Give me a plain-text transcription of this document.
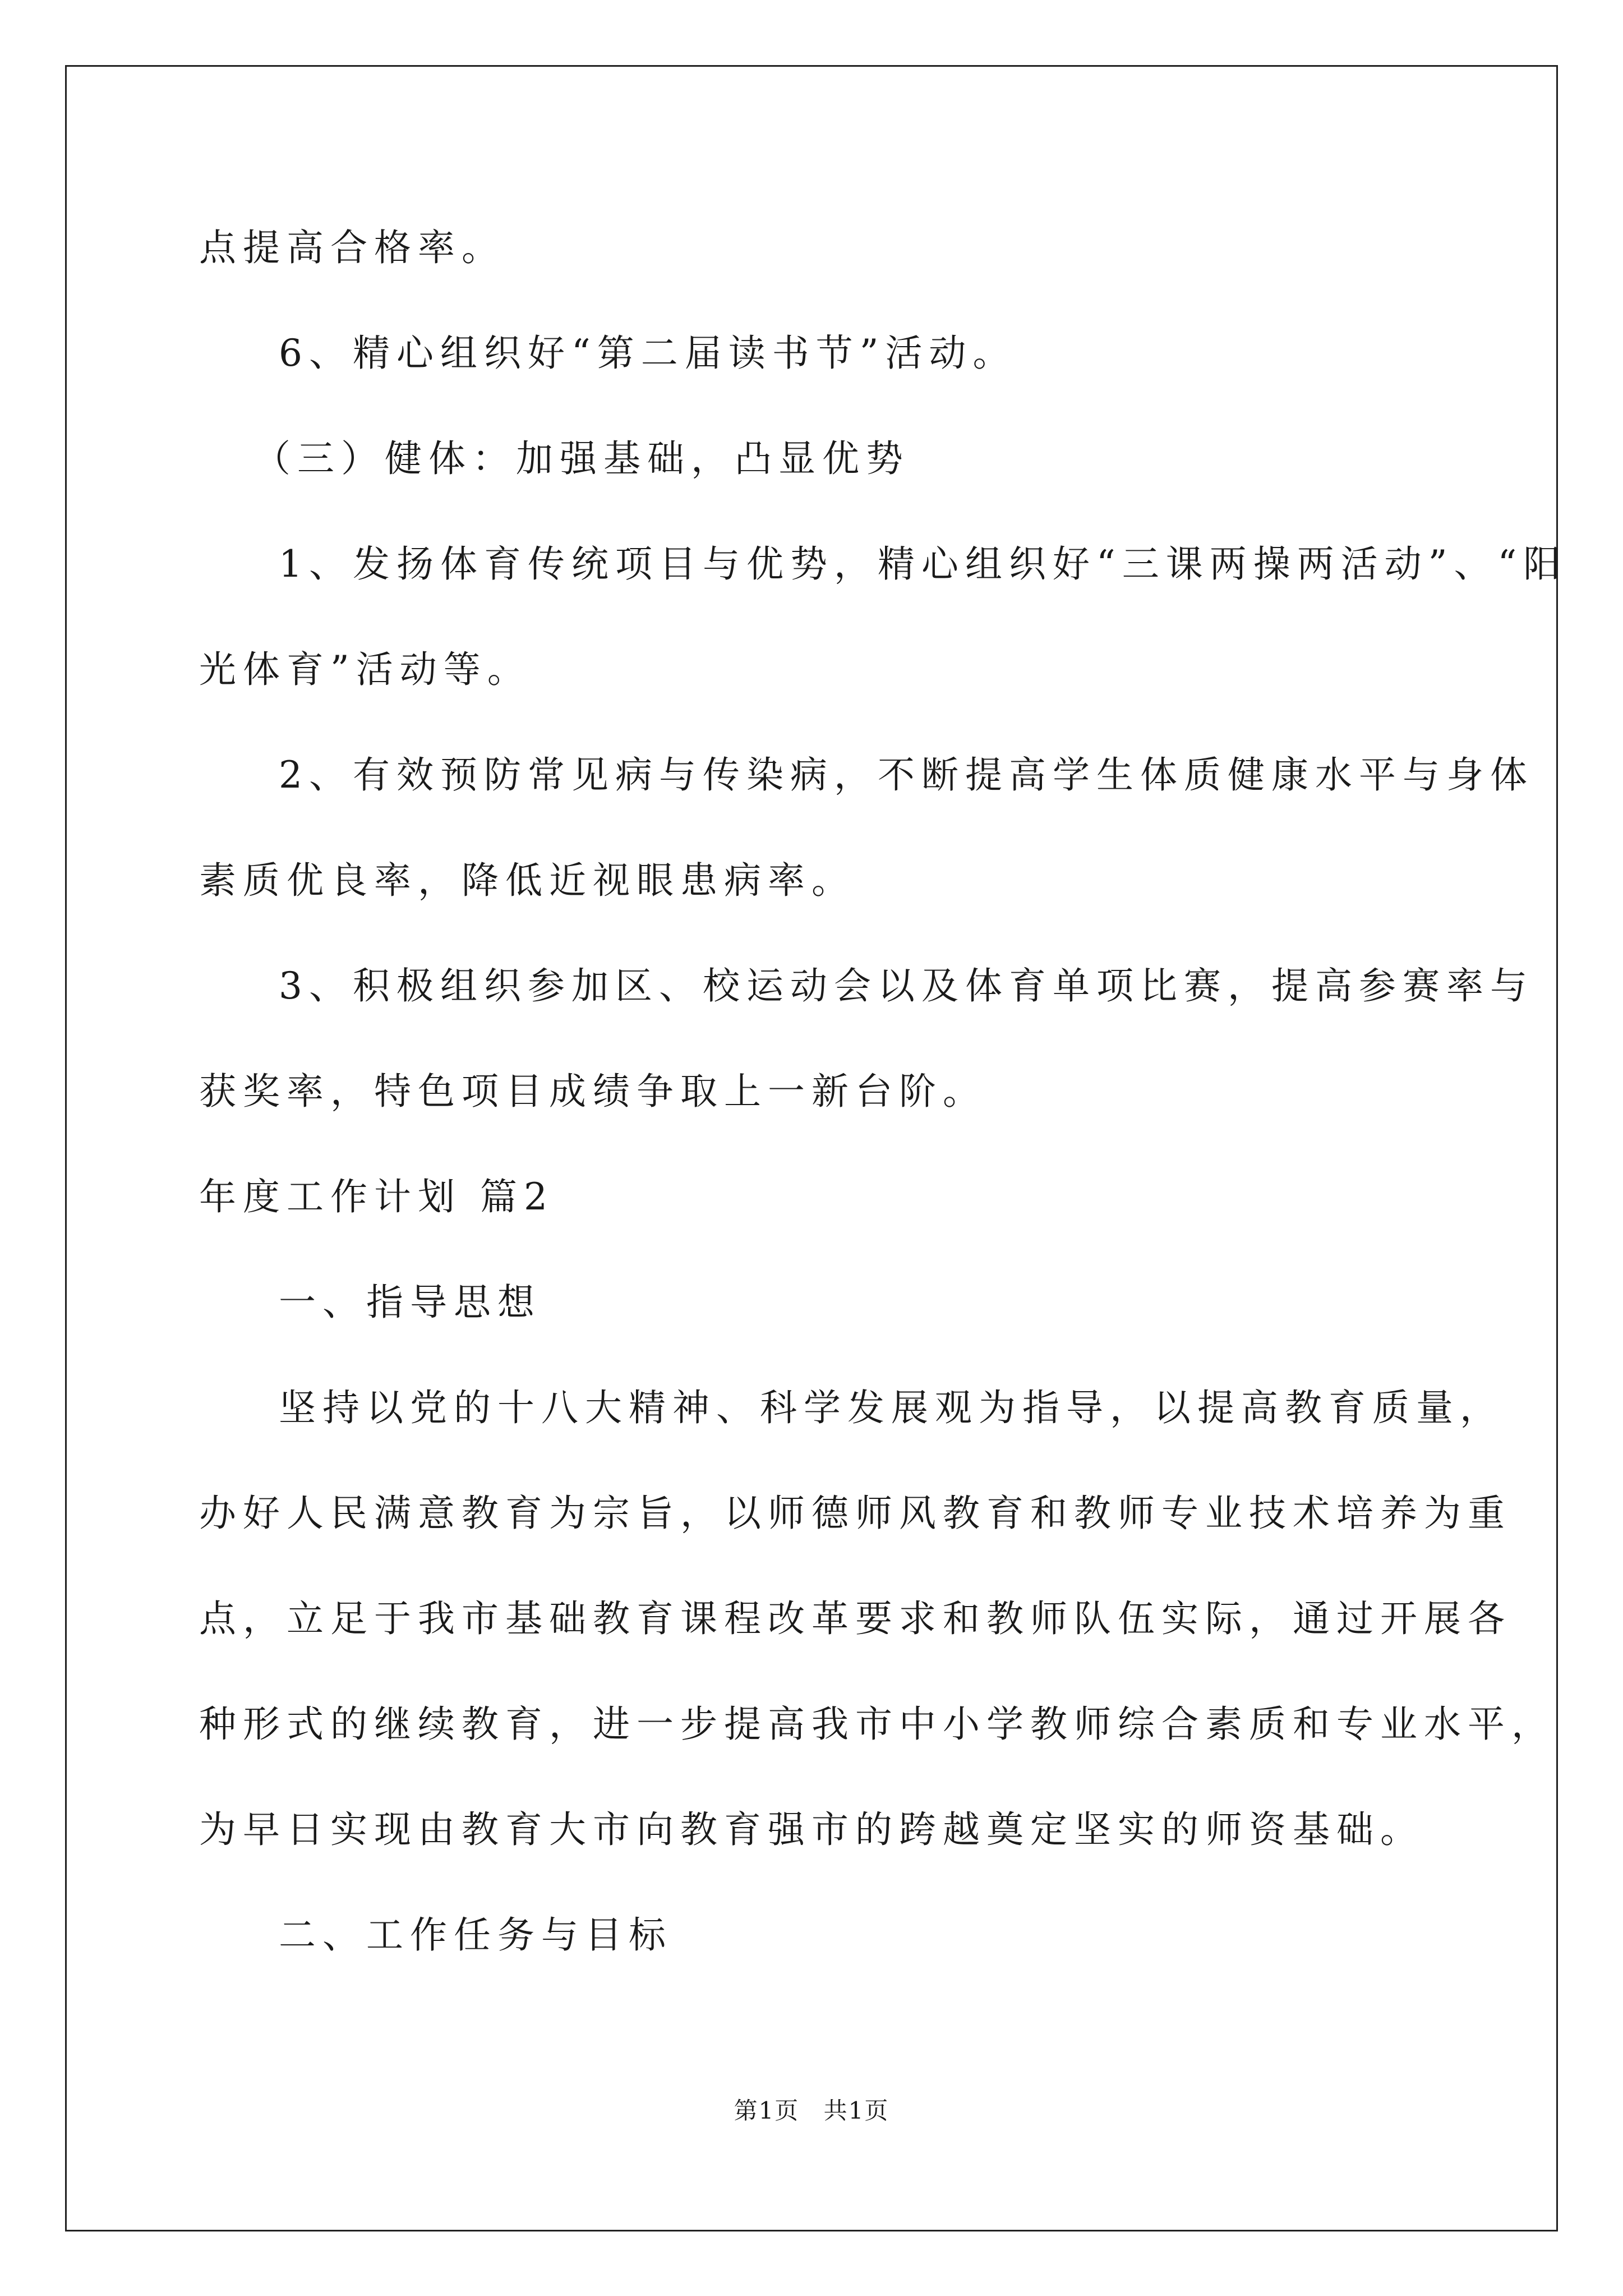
点提高合格率。
6、精心组织好“第二届读书节”活动。
（三）健体：加强基础，凸显优势
1、发扬体育传统项目与优势，精心组织好“三课两操两活动”、“阳
光体育”活动等。
2、有效预防常见病与传染病，不断提高学生体质健康水平与身体
素质优良率，降低近视眼患病率。
3、积极组织参加区、校运动会以及体育单项比赛，提高参赛率与
获奖率，特色项目成绩争取上一新台阶。
年度工作计划 篇2
一、指导思想
坚持以党的十八大精神、科学发展观为指导，以提高教育质量，
办好人民满意教育为宗旨，以师德师风教育和教师专业技术培养为重
点，立足于我市基础教育课程改革要求和教师队伍实际，通过开展各
种形式的继续教育，进一步提高我市中小学教师综合素质和专业水平，
为早日实现由教育大市向教育强市的跨越奠定坚实的师资基础。
二、工作任务与目标
第1页 共1页
